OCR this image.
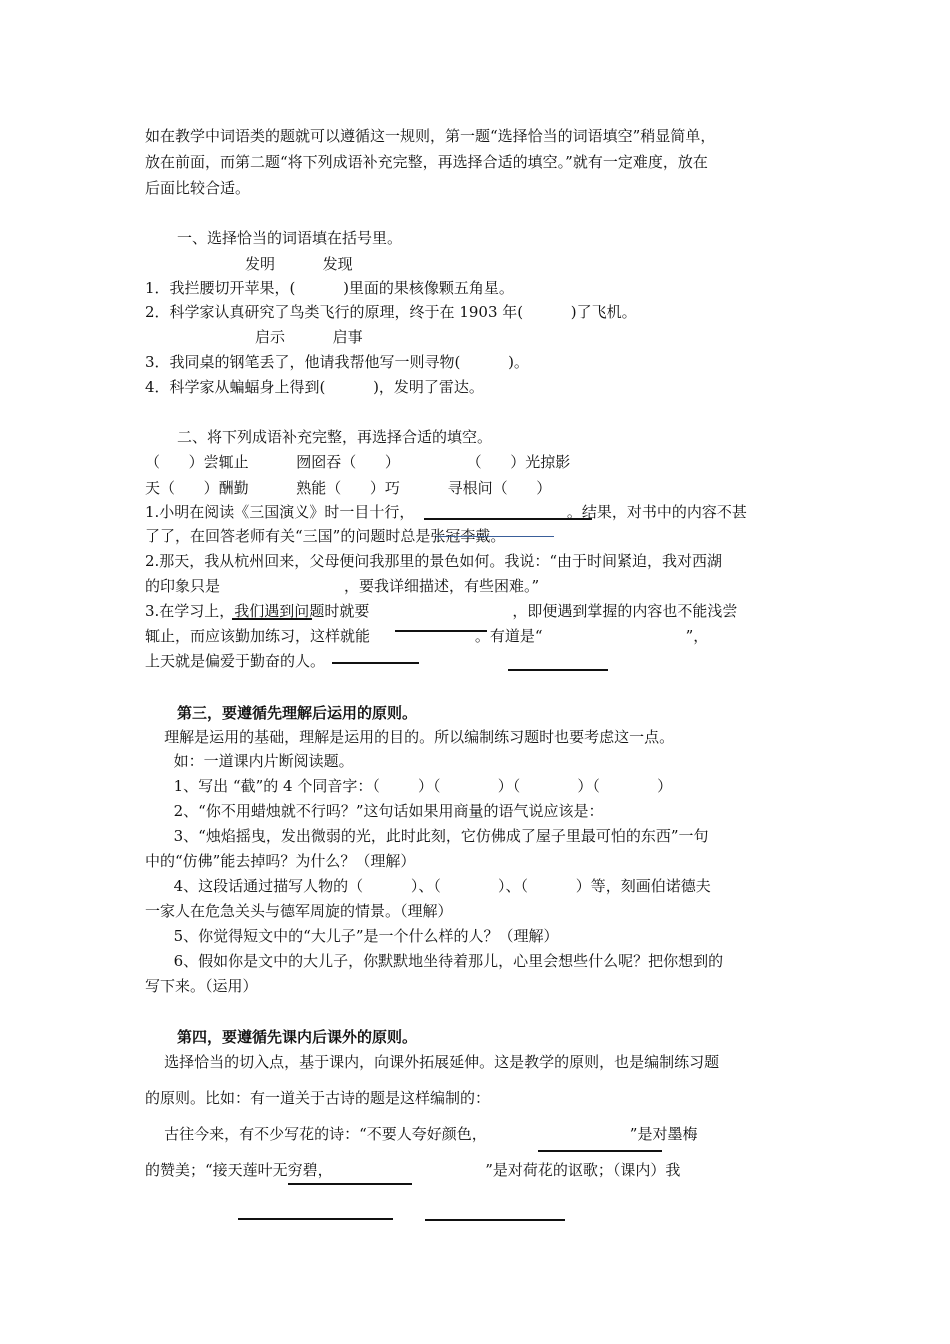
如在教学中词语类的题就可以遵循这一规则，第一题“选择恰当的词语填空”稍显简单，
放在前面，而第二题“将下列成语补充完整，再选择合适的填空。”就有一定难度，放在
后面比较合适。
一、选择恰当的词语填在括号里。
发明          发现
1．我拦腰切开苹果，(          )里面的果核像颗五角星。
2．科学家认真研究了鸟类飞行的原理，终于在 1903 年(          )了飞机。
启示          启事
3．我同桌的钢笔丢了，他请我帮他写一则寻物(          )。
4．科学家从蝙蝠身上得到(          )，发明了雷达。
二、将下列成语补充完整，再选择合适的填空。
（      ）尝辄止          囫囵吞（      ）              （      ）光掠影
天（      ）酬勤          熟能（      ）巧          寻根问（      ）
1.小明在阅读《三国演义》时一目十行，                                。结果，对书中的内容不甚
了了，在回答老师有关“三国”的问题时总是张冠李戴。
2.那天，我从杭州回来，父母便问我那里的景色如何。我说：“由于时间紧迫，我对西湖
的印象只是                          ，要我详细描述，有些困难。”
3.在学习上，我们遇到问题时就要                              ，即便遇到掌握的内容也不能浅尝
辄止，而应该勤加练习，这样就能                      。有道是“                              ”，
上天就是偏爱于勤奋的人。
第三，要遵循先理解后运用的原则。
理解是运用的基础，理解是运用的目的。所以编制练习题时也要考虑这一点。
如：一道课内片断阅读题。
1、写出 “截”的 4 个同音字：（        ）（            ）（            ）（            ）
2、“你不用蜡烛就不行吗？”这句话如果用商量的语气说应该是：
3、“烛焰摇曳，发出微弱的光，此时此刻，它仿佛成了屋子里最可怕的东西”一句
中的“仿佛”能去掉吗？为什么？（理解）
4、这段话通过描写人物的（          ）、（            ）、（          ）等，刻画伯诺德夫
一家人在危急关头与德军周旋的情景。（理解）
5、你觉得短文中的“大儿子”是一个什么样的人？（理解）
6、假如你是文中的大儿子，你默默地坐待着那儿，心里会想些什么呢？把你想到的
写下来。（运用）
第四，要遵循先课内后课外的原则。
选择恰当的切入点，基于课内，向课外拓展延伸。这是教学的原则，也是编制练习题
的原则。比如：有一道关于古诗的题是这样编制的：
古往今来，有不少写花的诗：“不要人夸好颜色，                              ”是对墨梅
的赞美；“接天莲叶无穷碧，                                ”是对荷花的讴歌；（课内）我
